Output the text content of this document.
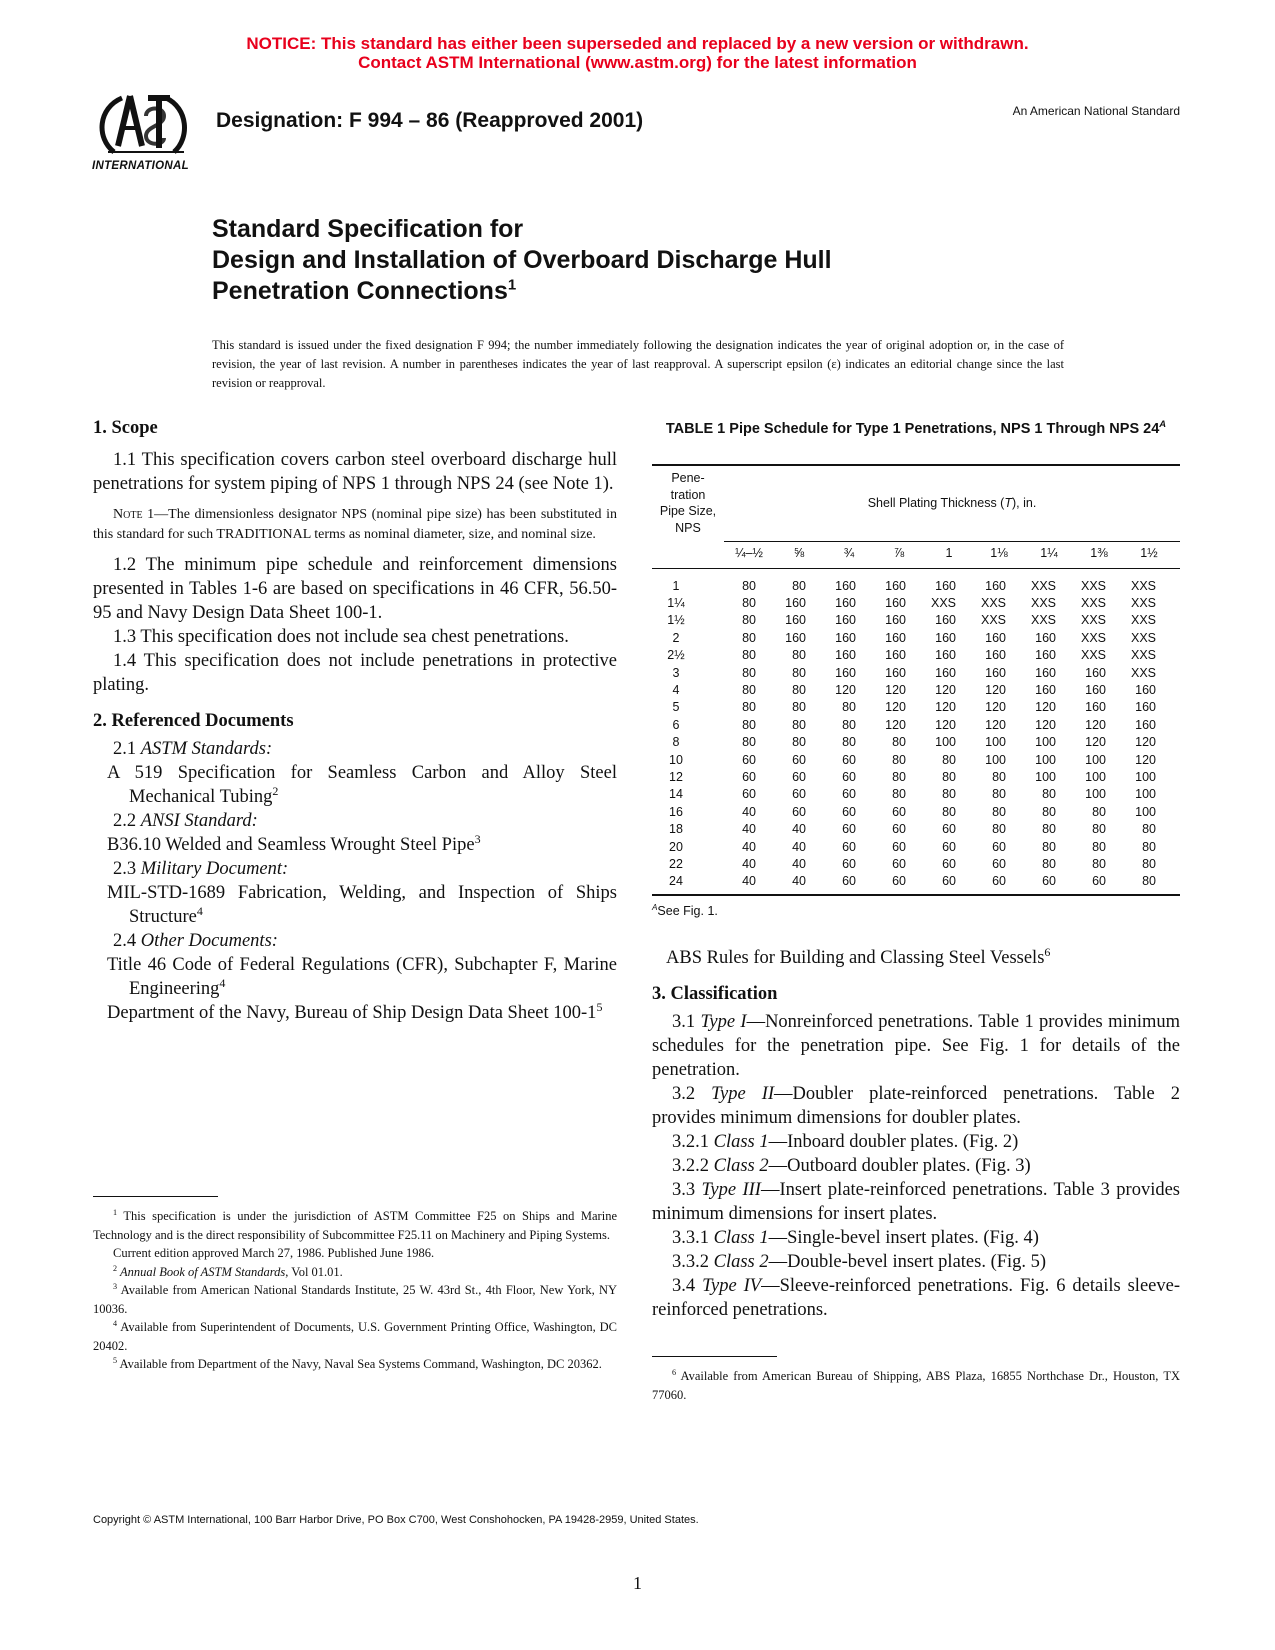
NOTICE: This standard has either been superseded and replaced by a new version or withdrawn.
Contact ASTM International (www.astm.org) for the latest information
INTERNATIONAL
Designation: F 994 – 86 (Reapproved 2001)	An American National Standard
Standard Specification for
Design and Installation of Overboard Discharge Hull
Penetration Connections$^1$
This standard is issued under the fixed designation F 994; the number immediately following the designation indicates the year of original adoption or, in the case of revision, the year of last revision. A number in parentheses indicates the year of last reapproval. A superscript epsilon (ε) indicates an editorial change since the last revision or reapproval.

1. Scope

1.1 This specification covers carbon steel overboard discharge hull penetrations for system piping of NPS 1 through NPS 24 (see Note 1).

Note 1—The dimensionless designator NPS (nominal pipe size) has been substituted in this standard for such TRADITIONAL terms as nominal diameter, size, and nominal size.

1.2 The minimum pipe schedule and reinforcement dimensions presented in Tables 1-6 are based on specifications in 46 CFR, 56.50-95 and Navy Design Data Sheet 100-1.

1.3 This specification does not include sea chest penetrations.

1.4 This specification does not include penetrations in protective plating.

2. Referenced Documents

2.1 ASTM Standards:

A 519 Specification for Seamless Carbon and Alloy Steel Mechanical Tubing$^2$

2.2 ANSI Standard:

B36.10 Welded and Seamless Wrought Steel Pipe$^3$

2.3 Military Document:

MIL-STD-1689 Fabrication, Welding, and Inspection of Ships Structure$^4$

2.4 Other Documents:

Title 46 Code of Federal Regulations (CFR), Subchapter F, Marine Engineering$^4$

Department of the Navy, Bureau of Ship Design Data Sheet $100-1^5$

$^1$ This specification is under the jurisdiction of ASTM Committee F25 on Ships and Marine Technology and is the direct responsibility of Subcommittee F25.11 on Machinery and Piping Systems.

Current edition approved March 27, 1986. Published June 1986.

$^2$ Annual Book of ASTM Standards, Vol 01.01.

$^3$ Available from American National Standards Institute, 25 W. 43rd St., 4th Floor, New York, NY 10036.

$^4$ Available from Superintendent of Documents, U.S. Government Printing Office, Washington, DC 20402.

$^5$ Available from Department of the Navy, Naval Sea Systems Command, Washington, DC 20362.

TABLE 1 Pipe Schedule for Type 1 Penetrations, NPS 1 Through NPS $24^A$
Pene-
tration
Pipe Size,
NPS
Shell Plating Thickness (T), in.
¼–½	⅝	¾	⅞	1	1⅛	1¼	1⅜	1½
1	80	80	160	160	160	160	XXS	XXS	XXS
1¼	80	160	160	160	XXS	XXS	XXS	XXS	XXS
1½	80	160	160	160	160	XXS	XXS	XXS	XXS
2	80	160	160	160	160	160	160	XXS	XXS
2½	80	80	160	160	160	160	160	XXS	XXS
3	80	80	160	160	160	160	160	160	XXS
4	80	80	120	120	120	120	160	160	160
5	80	80	80	120	120	120	120	160	160
6	80	80	80	120	120	120	120	120	160
8	80	80	80	80	100	100	100	120	120
10	60	60	60	80	80	100	100	100	120
12	60	60	60	80	80	80	100	100	100
14	60	60	60	80	80	80	80	100	100
16	40	60	60	60	80	80	80	80	100
18	40	40	60	60	60	80	80	80	80
20	40	40	60	60	60	60	80	80	80
22	40	40	60	60	60	60	80	80	80
24	40	40	60	60	60	60	60	60	80
$^A$See Fig. 1.

ABS Rules for Building and Classing Steel Vessels$^6$

3. Classification

3.1 Type I—Nonreinforced penetrations. Table 1 provides minimum schedules for the penetration pipe. See Fig. 1 for details of the penetration.

3.2 Type II—Doubler plate-reinforced penetrations. Table 2 provides minimum dimensions for doubler plates.

3.2.1 Class 1—Inboard doubler plates. (Fig. 2)

3.2.2 Class 2—Outboard doubler plates. (Fig. 3)

3.3 Type III—Insert plate-reinforced penetrations. Table 3 provides minimum dimensions for insert plates.

3.3.1 Class 1—Single-bevel insert plates. (Fig. 4)

3.3.2 Class 2—Double-bevel insert plates. (Fig. 5)

3.4 Type IV—Sleeve-reinforced penetrations. Fig. 6 details sleeve-reinforced penetrations.

$^6$ Available from American Bureau of Shipping, ABS Plaza, 16855 Northchase Dr., Houston, TX 77060.

Copyright © ASTM International, 100 Barr Harbor Drive, PO Box C700, West Conshohocken, PA 19428-2959, United States.
1
